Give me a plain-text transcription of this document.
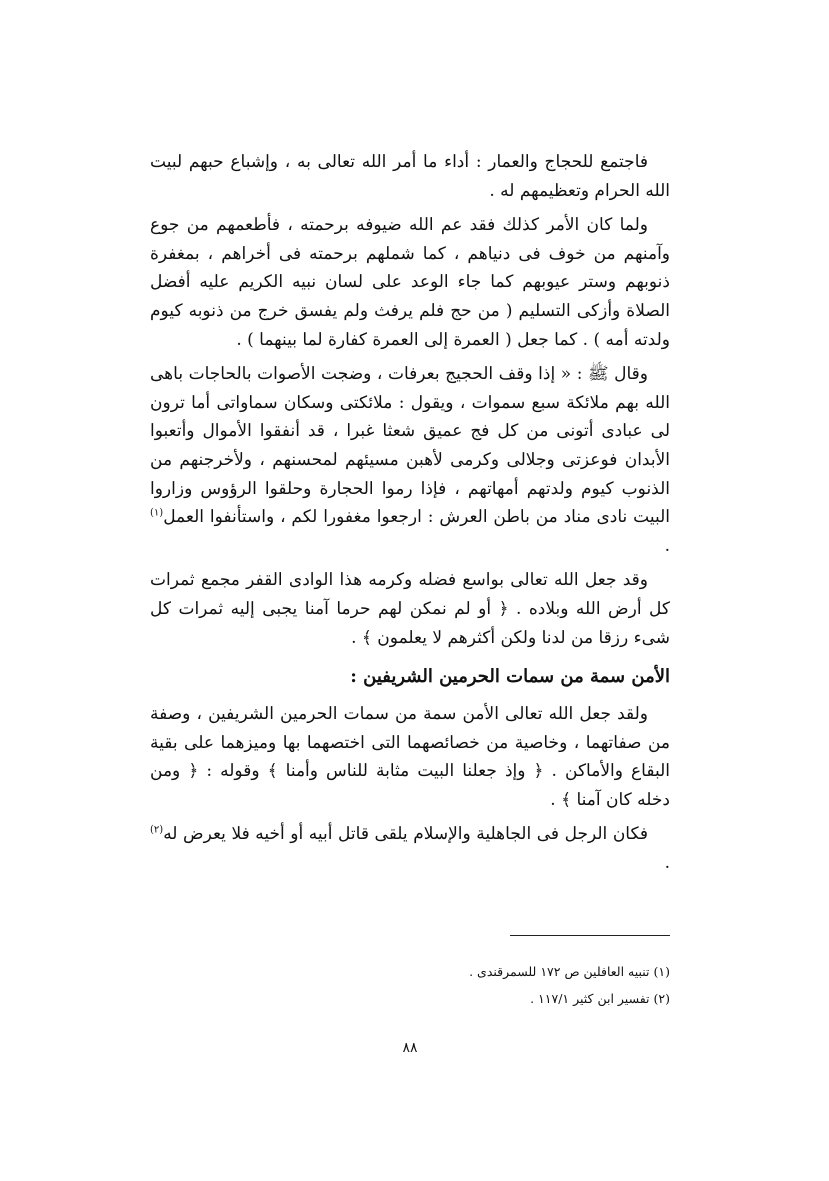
فاجتمع للحجاج والعمار : أداء ما أمر الله تعالى به ، وإشباع حبهم لبيت الله الحرام وتعظيمهم له .

ولما كان الأمر كذلك فقد عم الله ضيوفه برحمته ، فأطعمهم من جوع وآمنهم من خوف فى دنياهم ، كما شملهم برحمته فى أخراهم ، بمغفرة ذنوبهم وستر عيوبهم كما جاء الوعد على لسان نبيه الكريم عليه أفضل الصلاة وأزكى التسليم ( من حج فلم يرفث ولم يفسق خرج من ذنوبه كيوم ولدته أمه ) . كما جعل ( العمرة إلى العمرة كفارة لما بينهما ) .

وقال ﷺ : « إذا وقف الحجيج بعرفات ، وضجت الأصوات بالحاجات باهى الله بهم ملائكة سبع سموات ، ويقول : ملائكتى وسكان سماواتى أما ترون لى عبادى أتونى من كل فج عميق شعثا غبرا ، قد أنفقوا الأموال وأتعبوا الأبدان فوعزتى وجلالى وكرمى لأهبن مسيئهم لمحسنهم ، ولأخرجنهم من الذنوب كيوم ولدتهم أمهاتهم ، فإذا رموا الحجارة وحلقوا الرؤوس وزاروا البيت نادى مناد من باطن العرش : ارجعوا مغفورا لكم ، واستأنفوا العمل$^{(١)}$ .

وقد جعل الله تعالى بواسع فضله وكرمه هذا الوادى القفر مجمع ثمرات كل أرض الله وبلاده . ﴿ أو لم نمكن لهم حرما آمنا يجبى إليه ثمرات كل شىء رزقا من لدنا ولكن أكثرهم لا يعلمون ﴾ .

الأمن سمة من سمات الحرمين الشريفين :

ولقد جعل الله تعالى الأمن سمة من سمات الحرمين الشريفين ، وصفة من صفاتهما ، وخاصية من خصائصهما التى اختصهما بها وميزهما على بقية البقاع والأماكن . ﴿ وإذ جعلنا البيت مثابة للناس وأمنا ﴾ وقوله : ﴿ ومن دخله كان آمنا ﴾ .

فكان الرجل فى الجاهلية والإسلام يلقى قاتل أبيه أو أخيه فلا يعرض له$^{(٢)}$ .

(١) تنبيه العافلين ص ١٧٢ للسمرقندى .
(٢) تفسير ابن كثير ١١٧/١ .
٨٨
